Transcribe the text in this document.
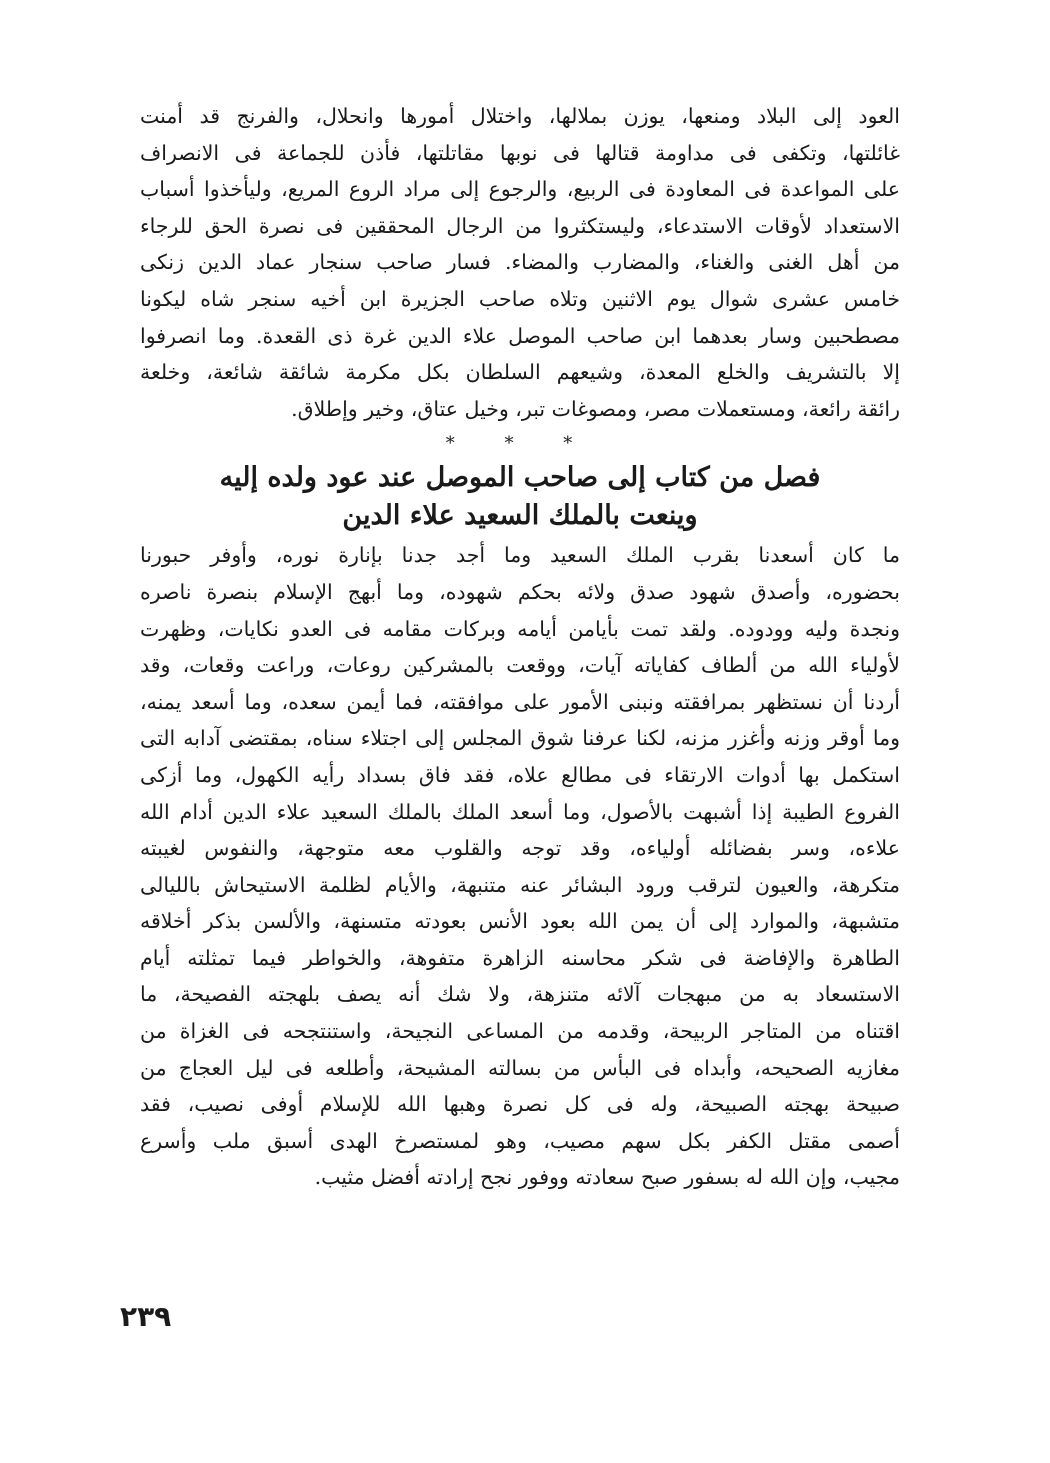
العود إلى البلاد ومنعها، يوزن بملالها، واختلال أمورها وانحلال، والفرنج قد أمنت
غائلتها، وتكفى فى مداومة قتالها فى نوبها مقاتلتها، فأذن للجماعة فى الانصراف
على المواعدة فى المعاودة فى الربيع، والرجوع إلى مراد الروع المريع، وليأخذوا أسباب
الاستعداد لأوقات الاستدعاء، وليستكثروا من الرجال المحققين فى نصرة الحق للرجاء
من أهل الغنى والغناء، والمضارب والمضاء. فسار صاحب سنجار عماد الدين زنكى
خامس عشرى شوال يوم الاثنين وتلاه صاحب الجزيرة ابن أخيه سنجر شاه ليكونا
مصطحبين وسار بعدهما ابن صاحب الموصل علاء الدين غرة ذى القعدة. وما انصرفوا
إلا بالتشريف والخلع المعدة، وشيعهم السلطان بكل مكرمة شائقة شائعة، وخلعة
رائقة رائعة، ومستعملات مصر، ومصوغات تبر، وخيل عتاق، وخير وإطلاق.
* * *
فصل من كتاب إلى صاحب الموصل عند عود ولده إليه
وينعت بالملك السعيد علاء الدين
ما كان أسعدنا بقرب الملك السعيد وما أجد جدنا بإنارة نوره، وأوفر حبورنا
بحضوره، وأصدق شهود صدق ولائه بحكم شهوده، وما أبهج الإسلام بنصرة ناصره
ونجدة وليه وودوده. ولقد تمت بأيامن أيامه وبركات مقامه فى العدو نكايات، وظهرت
لأولياء الله من ألطاف كفاياته آيات، ووقعت بالمشركين روعات، وراعت وقعات، وقد
أردنا أن نستظهر بمرافقته ونبنى الأمور على موافقته، فما أيمن سعده، وما أسعد يمنه،
وما أوقر وزنه وأغزر مزنه، لكنا عرفنا شوق المجلس إلى اجتلاء سناه، بمقتضى آدابه التى
استكمل بها أدوات الارتقاء فى مطالع علاه، فقد فاق بسداد رأيه الكهول، وما أزكى
الفروع الطيبة إذا أشبهت بالأصول، وما أسعد الملك بالملك السعيد علاء الدين أدام الله
علاءه، وسر بفضائله أولياءه، وقد توجه والقلوب معه متوجهة، والنفوس لغيبته
متكرهة، والعيون لترقب ورود البشائر عنه متنبهة، والأيام لظلمة الاستيحاش بالليالى
متشبهة، والموارد إلى أن يمن الله بعود الأنس بعودته متسنهة، والألسن بذكر أخلاقه
الطاهرة والإفاضة فى شكر محاسنه الزاهرة متفوهة، والخواطر فيما تمثلته أيام
الاستسعاد به من مبهجات آلائه متنزهة، ولا شك أنه يصف بلهجته الفصيحة، ما
اقتناه من المتاجر الربيحة، وقدمه من المساعى النجيحة، واستنتجحه فى الغزاة من
مغازيه الصحيحه، وأبداه فى البأس من بسالته المشيحة، وأطلعه فى ليل العجاج من
صبيحة بهجته الصبيحة، وله فى كل نصرة وهبها الله للإسلام أوفى نصيب، فقد
أصمى مقتل الكفر بكل سهم مصيب، وهو لمستصرخ الهدى أسبق ملب وأسرع
مجيب، وإن الله له بسفور صبح سعادته ووفور نجح إرادته أفضل مثيب.
٢٣٩
